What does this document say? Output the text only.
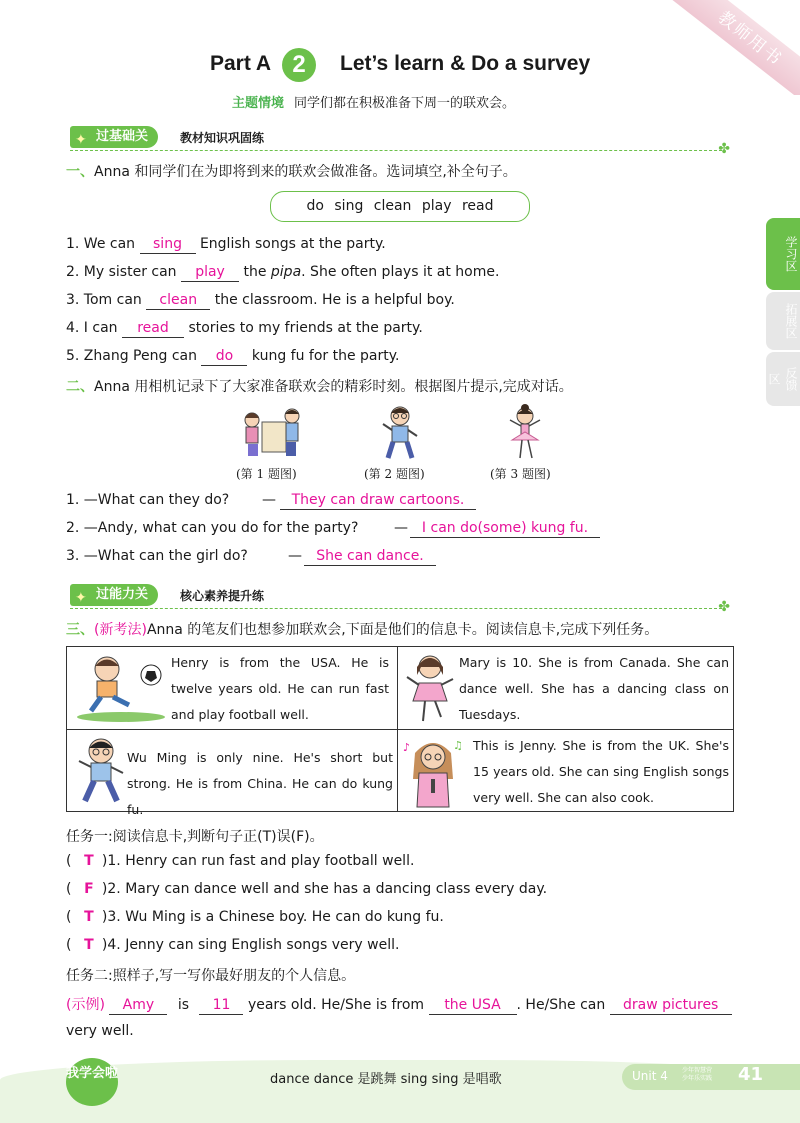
教师用书
Part A 2	Let’s learn & Do a survey
主题情境 同学们都在积极准备下周一的联欢会。
✦ 过基础关	教材知识巩固练
✤
一、Anna 和同学们在为即将到来的联欢会做准备。选词填空,补全句子。
do sing clean play read
1. We can sing English songs at the party.
2. My sister can play the pipa. She often plays it at home.
3. Tom can clean the classroom. He is a helpful boy.
4. I can read stories to my friends at the party.
5. Zhang Peng can do kung fu for the party.
二、Anna 用相机记录下了大家准备联欢会的精彩时刻。根据图片提示,完成对话。
(第 1 题图)	(第 2 题图)	(第 3 题图)
1. —What can they do? —	They can draw cartoons.
2. —Andy, what can you do for the party?	— I can do(some) kung fu.
3. —What can the girl do?	—	She can dance.
✦ 过能力关	核心素养提升练
✤
三、(新考法)Anna 的笔友们也想参加联欢会,下面是他们的信息卡。阅读信息卡,完成下列任务。
Henry is from the USA. He is twelve years old. He can run fast and play football well.
Mary is 10. She is from Canada. She can dance well. She has a dancing class on Tuesdays.
Wu Ming is only nine. He's short but strong. He is from China. He can do kung fu.
♪	♫ This is Jenny. She is from the UK. She's 15 years old. She can sing English songs very well. She can also cook.
任务一:阅读信息卡,判断句子正(T)误(F)。
( T )1. Henry can run fast and play football well.
( F )2. Mary can dance well and she has a dancing class every day.
( T )3. Wu Ming is a Chinese boy. He can do kung fu.
( T )4. Jenny can sing English songs very well.
任务二:照样子,写一写你最好朋友的个人信息。
(示例) Amy is 11 years old. He/She is from the USA . He/She can draw pictures
very well.
学习区
拓展区
反馈区
我学会啦	dance dance 是跳舞 sing sing 是唱歌	Unit 4 少年智慧营 少年乐实践 41
